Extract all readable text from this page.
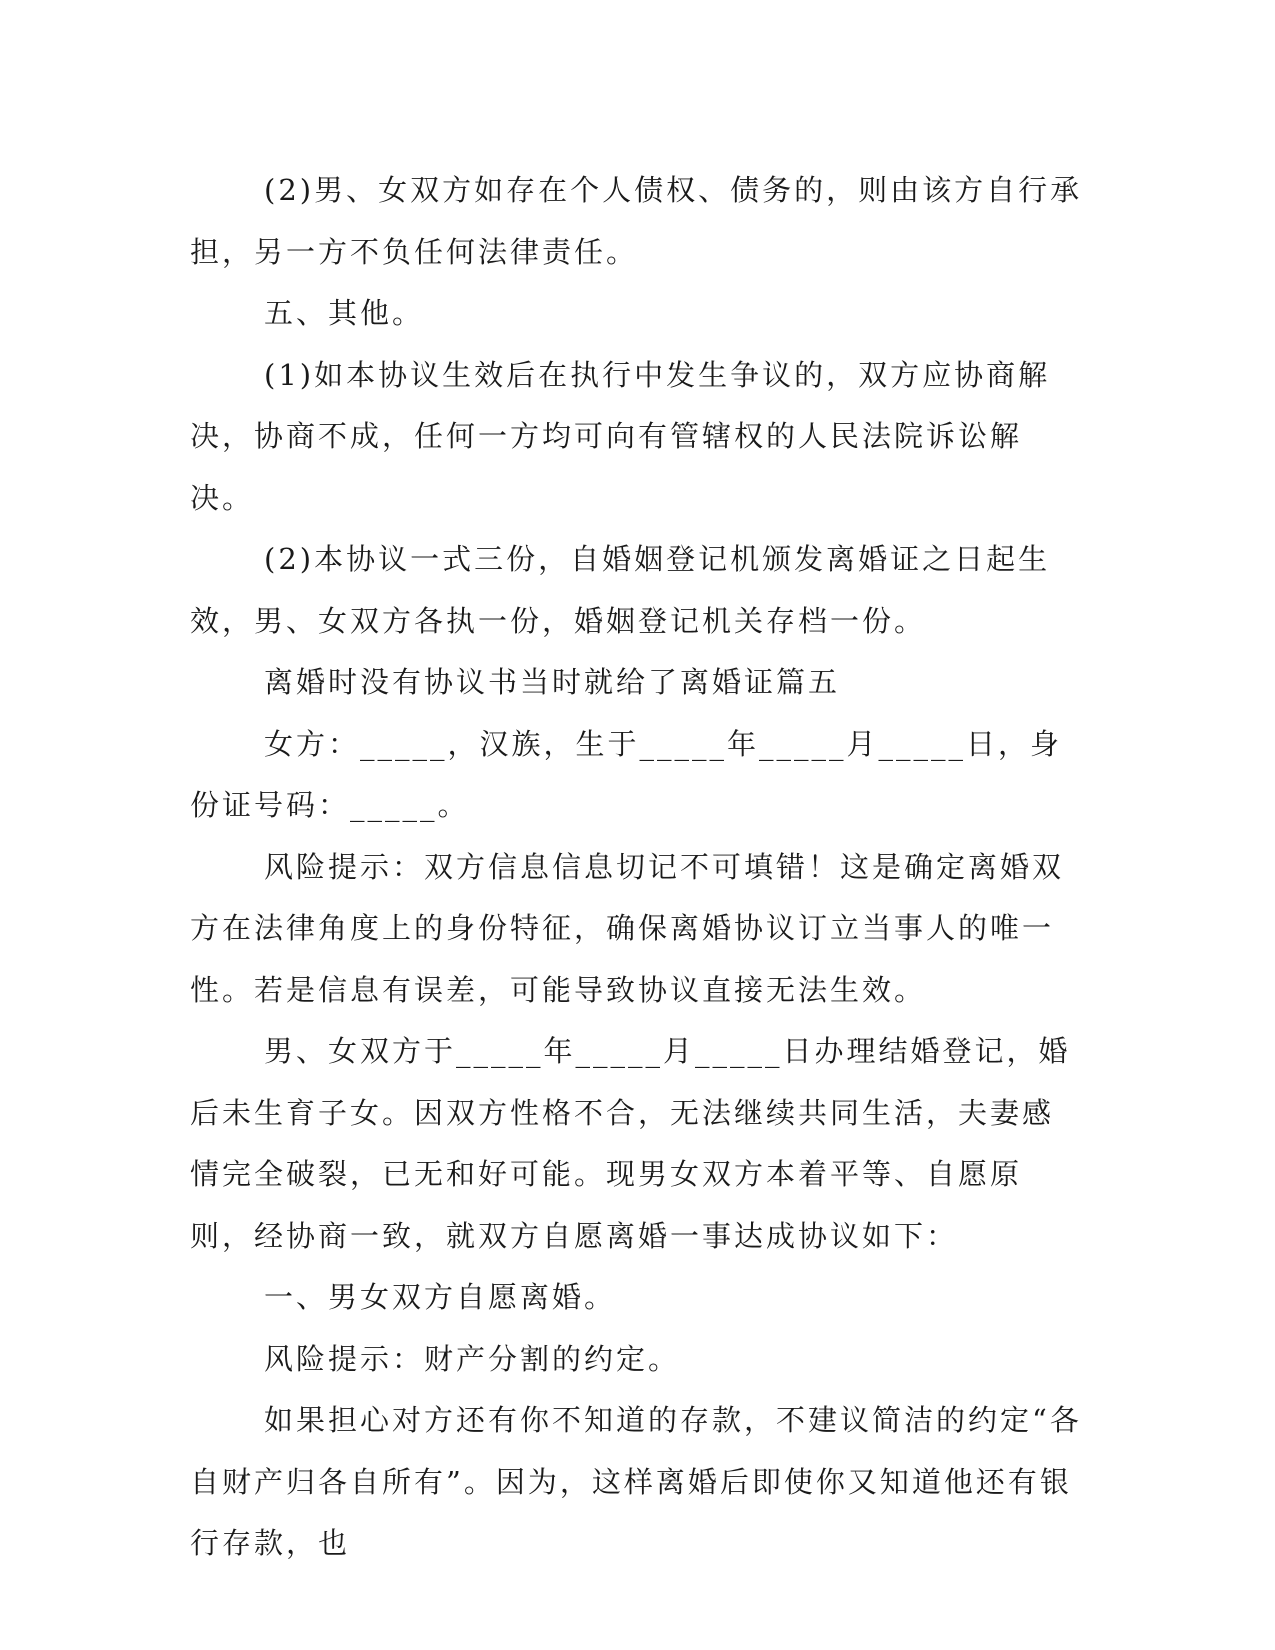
(2)男、女双方如存在个人债权、债务的，则由该方自行承担，另一方不负任何法律责任。

五、其他。

(1)如本协议生效后在执行中发生争议的，双方应协商解决，协商不成，任何一方均可向有管辖权的人民法院诉讼解决。

(2)本协议一式三份，自婚姻登记机颁发离婚证之日起生效，男、女双方各执一份，婚姻登记机关存档一份。

离婚时没有协议书当时就给了离婚证篇五

女方：_____，汉族，生于_____年_____月_____日，身份证号码：_____。

风险提示：双方信息信息切记不可填错！这是确定离婚双方在法律角度上的身份特征，确保离婚协议订立当事人的唯一性。若是信息有误差，可能导致协议直接无法生效。

男、女双方于_____年_____月_____日办理结婚登记，婚后未生育子女。因双方性格不合，无法继续共同生活，夫妻感情完全破裂，已无和好可能。现男女双方本着平等、自愿原则，经协商一致，就双方自愿离婚一事达成协议如下：

一、男女双方自愿离婚。

风险提示：财产分割的约定。

如果担心对方还有你不知道的存款，不建议简洁的约定“各自财产归各自所有”。因为，这样离婚后即使你又知道他还有银行存款，也
